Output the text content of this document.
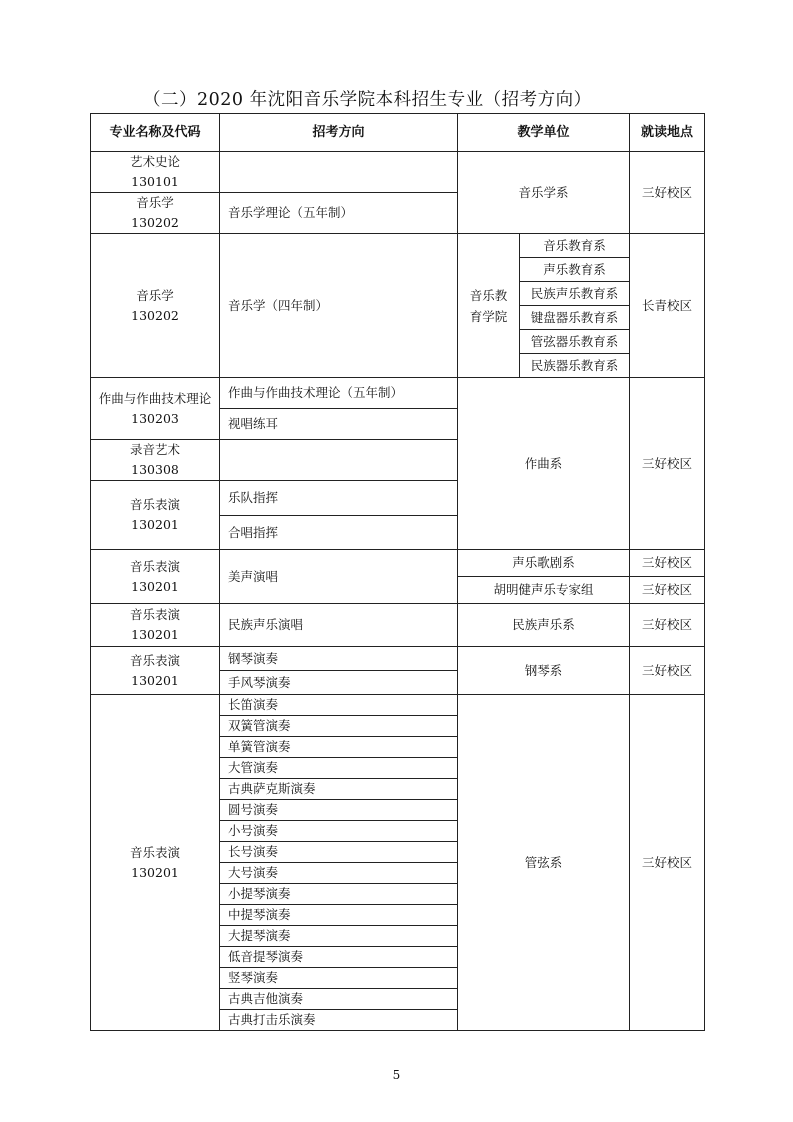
（二）2020 年沈阳音乐学院本科招生专业（招考方向）
专业名称及代码	招考方向	教学单位		就读地点

艺术史论
130101		音乐学系		三好校区

音乐学
130202	音乐学理论（五年制）			

音乐学
130202	音乐学（四年制）	音乐教育学院	音乐教育系	长青校区
			声乐教育系	
			民族声乐教育系	
			键盘器乐教育系	
			管弦器乐教育系	
			民族器乐教育系	

作曲与作曲技术理论
130203	作曲与作曲技术理论（五年制）	作曲系		三好校区
	视唱练耳			

录音艺术
130308				

音乐表演
130201	乐队指挥			
	合唱指挥			

音乐表演
130201	美声演唱	声乐歌剧系		三好校区
		胡明健声乐专家组		三好校区

音乐表演
130201	民族声乐演唱	民族声乐系		三好校区

音乐表演
130201	钢琴演奏	钢琴系		三好校区
	手风琴演奏			

音乐表演
130201	长笛演奏	管弦系		三好校区
	双簧管演奏			
	单簧管演奏			
	大管演奏			
	古典萨克斯演奏			
	圆号演奏			
	小号演奏			
	长号演奏			
	大号演奏			
	小提琴演奏			
	中提琴演奏			
	大提琴演奏			
	低音提琴演奏			
	竖琴演奏			
	古典吉他演奏			
	古典打击乐演奏			
5
